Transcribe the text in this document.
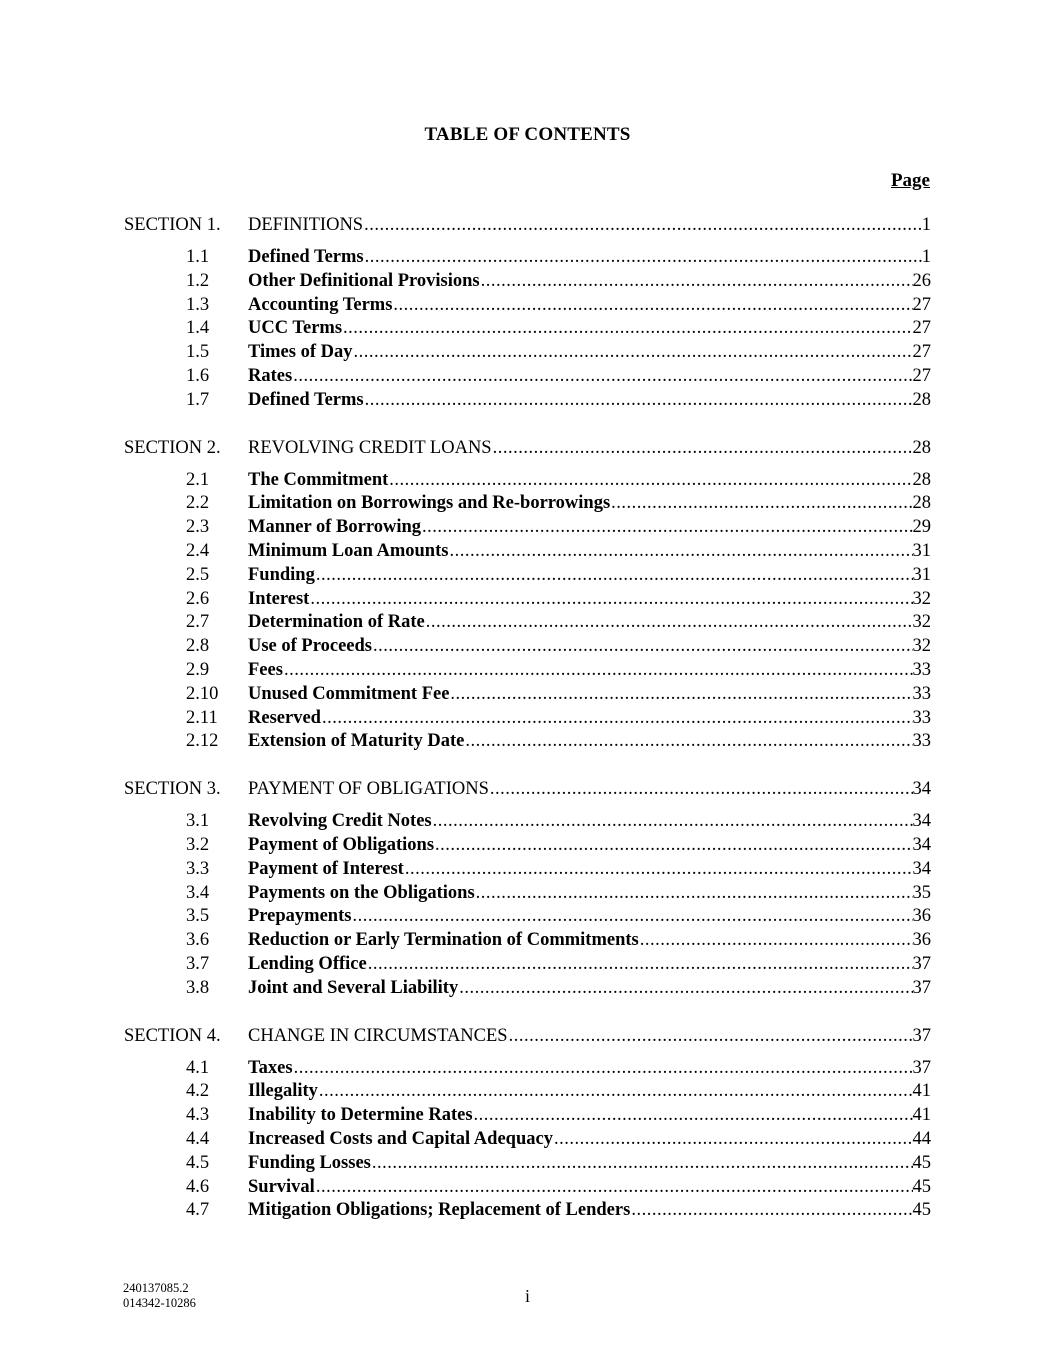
TABLE OF CONTENTS
Page
SECTION 1.	DEFINITIONS .....	1
1.1	Defined Terms .....	1
1.2	Other Definitional Provisions .....	26
1.3	Accounting Terms .....	27
1.4	UCC Terms .....	27
1.5	Times of Day .....	27
1.6	Rates .....	27
1.7	Defined Terms .....	28
SECTION 2.	REVOLVING CREDIT LOANS .....	28
2.1	The Commitment .....	28
2.2	Limitation on Borrowings and Re-borrowings .....	28
2.3	Manner of Borrowing .....	29
2.4	Minimum Loan Amounts .....	31
2.5	Funding .....	31
2.6	Interest .....	32
2.7	Determination of Rate .....	32
2.8	Use of Proceeds .....	32
2.9	Fees .....	33
2.10	Unused Commitment Fee .....	33
2.11	Reserved .....	33
2.12	Extension of Maturity Date .....	33
SECTION 3.	PAYMENT OF OBLIGATIONS .....	34
3.1	Revolving Credit Notes .....	34
3.2	Payment of Obligations .....	34
3.3	Payment of Interest .....	34
3.4	Payments on the Obligations .....	35
3.5	Prepayments .....	36
3.6	Reduction or Early Termination of Commitments .....	36
3.7	Lending Office .....	37
3.8	Joint and Several Liability .....	37
SECTION 4.	CHANGE IN CIRCUMSTANCES .....	37
4.1	Taxes .....	37
4.2	Illegality .....	41
4.3	Inability to Determine Rates .....	41
4.4	Increased Costs and Capital Adequacy .....	44
4.5	Funding Losses .....	45
4.6	Survival .....	45
4.7	Mitigation Obligations; Replacement of Lenders .....	45
240137085.2
014342-10286	i
